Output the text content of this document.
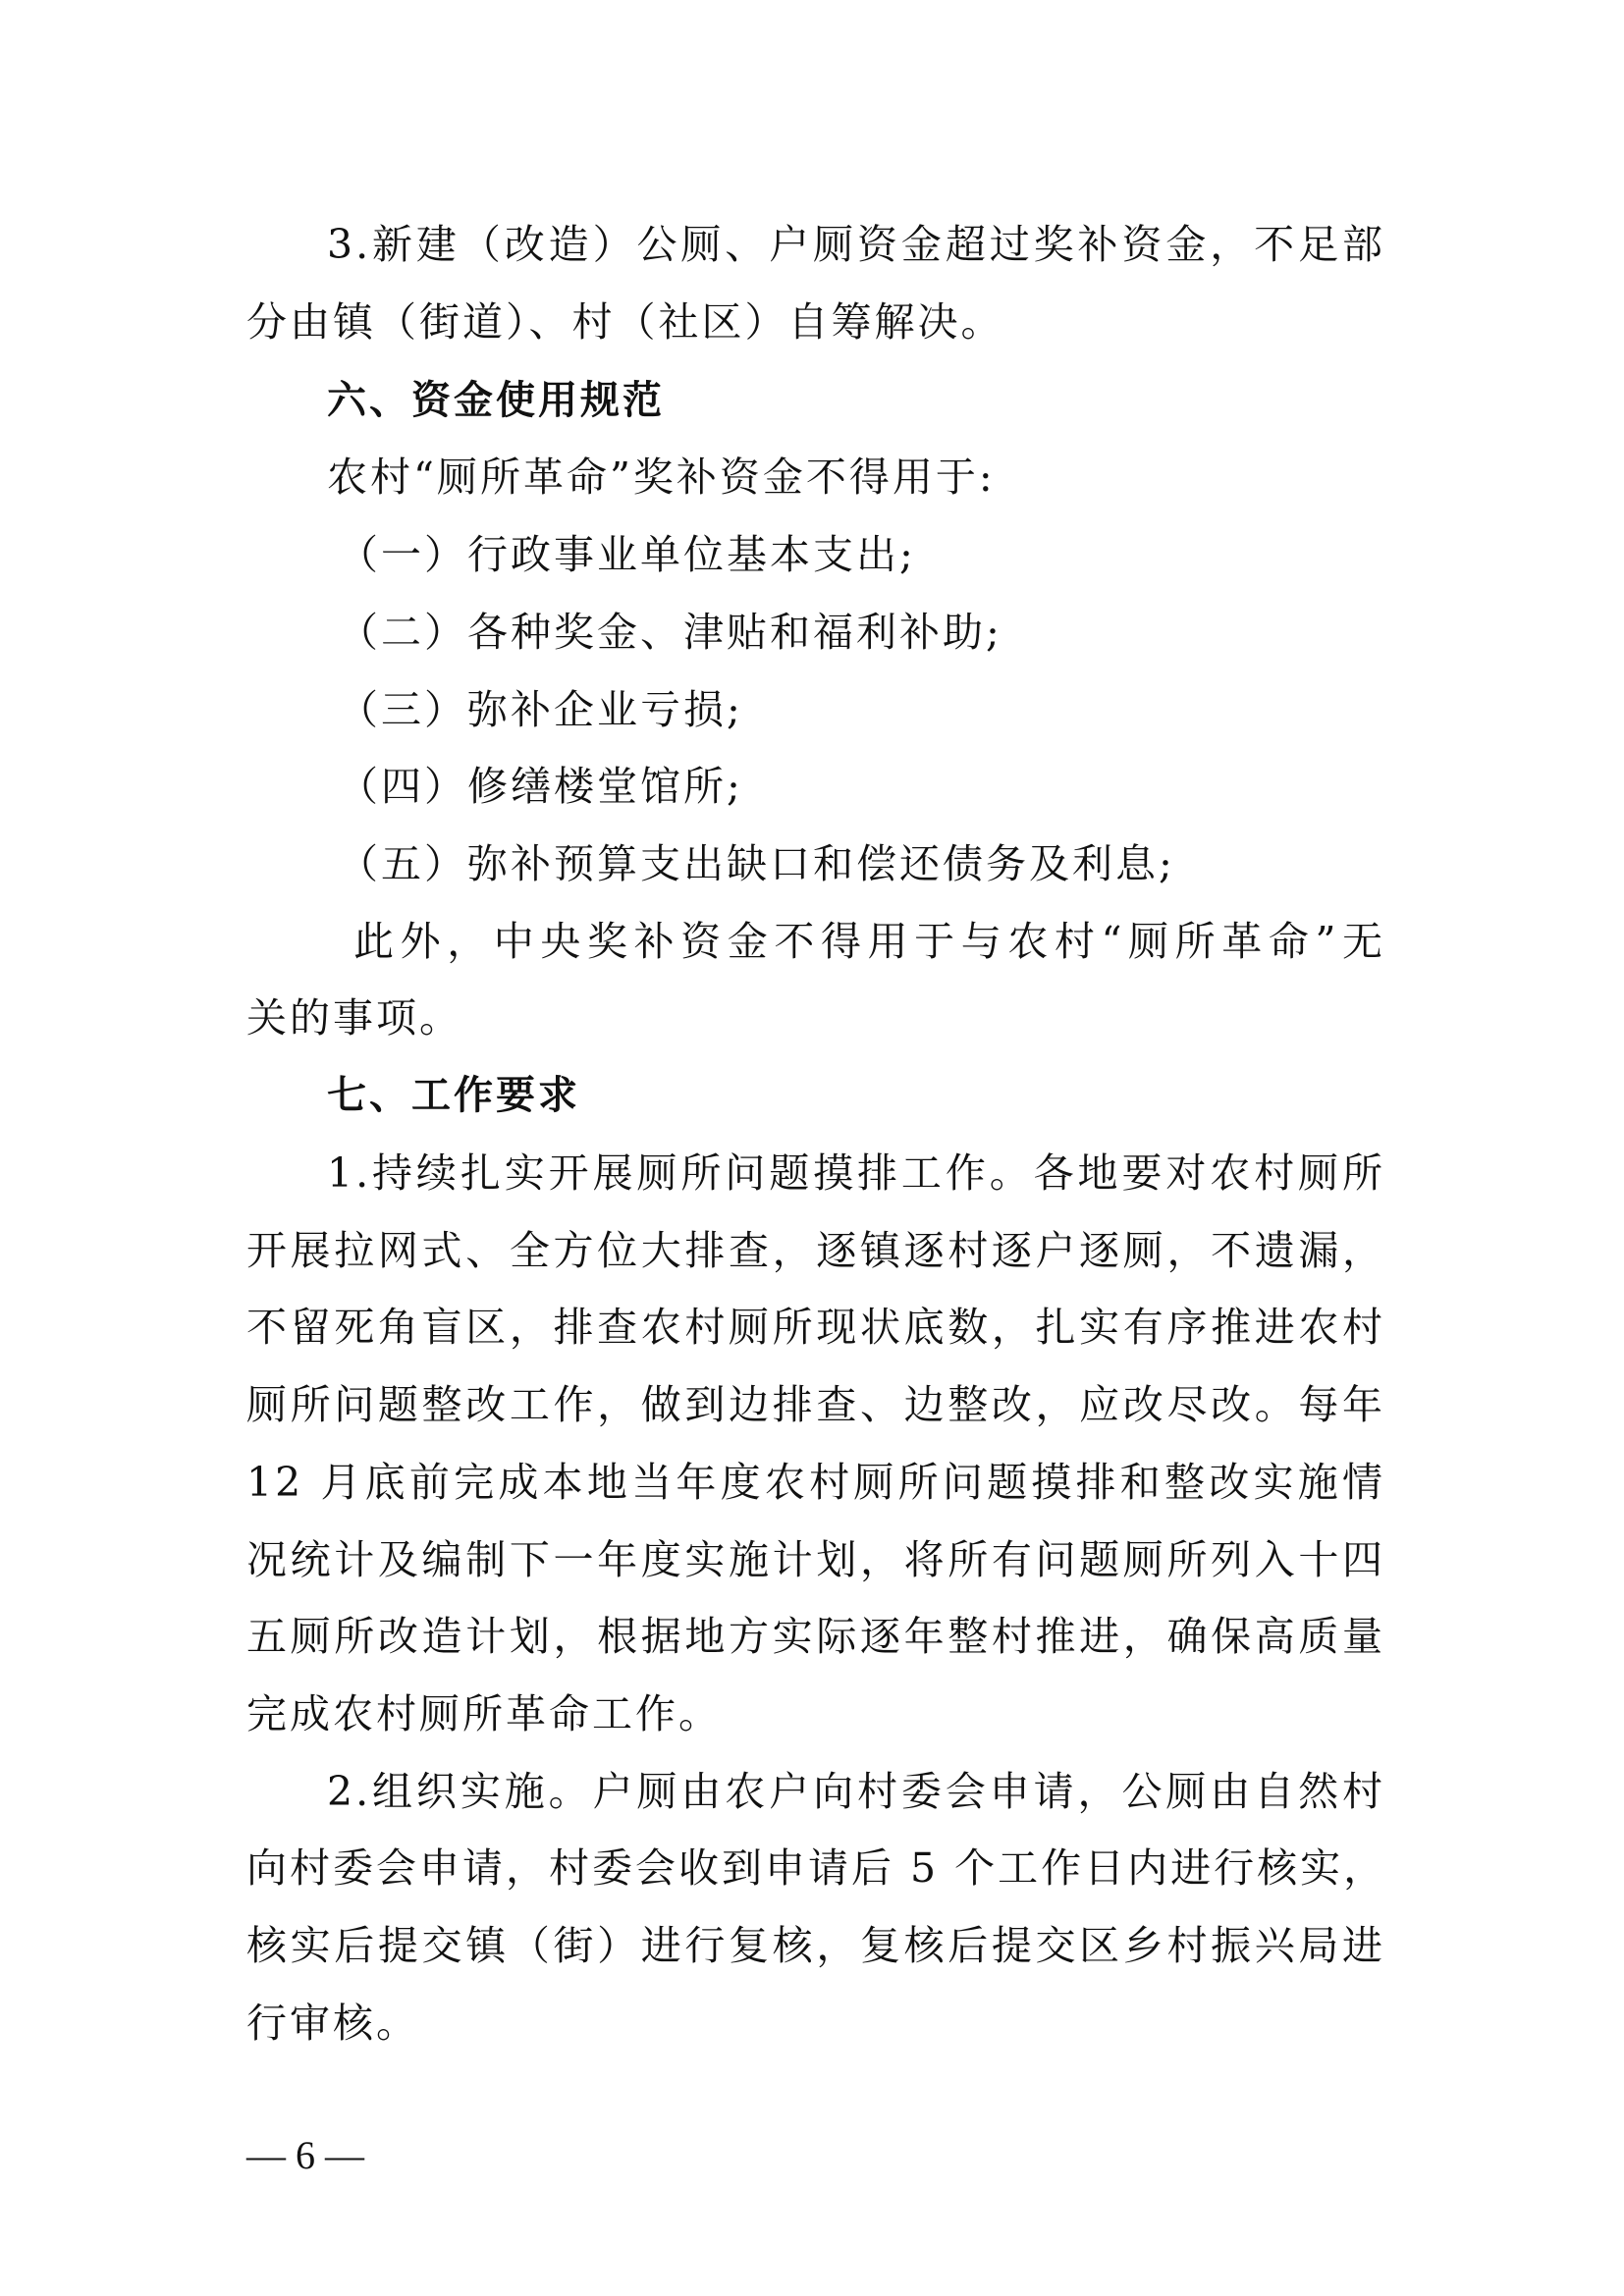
3.新建（改造）公厕、户厕资金超过奖补资金，不足部
分由镇（街道）、村（社区）自筹解决。
六、资金使用规范
农村“厕所革命”奖补资金不得用于:
（一）行政事业单位基本支出;
（二）各种奖金、津贴和福利补助;
（三）弥补企业亏损;
（四）修缮楼堂馆所;
（五）弥补预算支出缺口和偿还债务及利息;
此外，中央奖补资金不得用于与农村“厕所革命”无
关的事项。
七、工作要求
1.持续扎实开展厕所问题摸排工作。各地要对农村厕所
开展拉网式、全方位大排查，逐镇逐村逐户逐厕，不遗漏，
不留死角盲区，排查农村厕所现状底数，扎实有序推进农村
厕所问题整改工作，做到边排查、边整改，应改尽改。每年
12 月底前完成本地当年度农村厕所问题摸排和整改实施情
况统计及编制下一年度实施计划，将所有问题厕所列入十四
五厕所改造计划，根据地方实际逐年整村推进，确保高质量
完成农村厕所革命工作。
2.组织实施。户厕由农户向村委会申请，公厕由自然村
向村委会申请，村委会收到申请后 5 个工作日内进行核实，
核实后提交镇（街）进行复核，复核后提交区乡村振兴局进
行审核。
— 6 —
